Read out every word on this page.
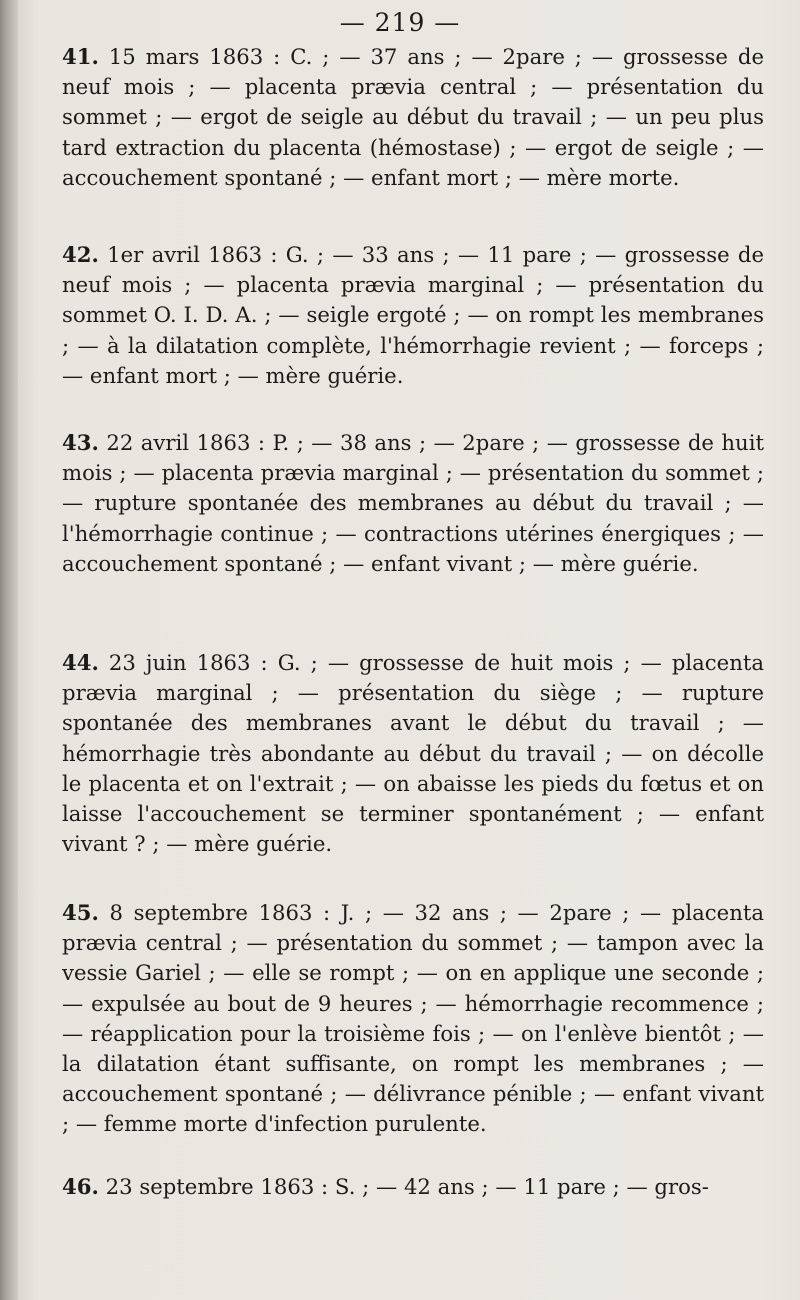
— 219 —

41. 15 mars 1863 : C. ; — 37 ans ; — 2pare ; — grossesse de neuf mois ; — placenta prævia central ; — présentation du sommet ; — ergot de seigle au début du travail ; — un peu plus tard extraction du placenta (hémostase) ; — ergot de seigle ; — accouchement spontané ; — enfant mort ; — mère morte.

42. 1er avril 1863 : G. ; — 33 ans ; — 11 pare ; — grossesse de neuf mois ; — placenta prævia marginal ; — présentation du sommet O. I. D. A. ; — seigle ergoté ; — on rompt les membranes ; — à la dilatation complète, l'hémorrhagie revient ; — forceps ; — enfant mort ; — mère guérie.

43. 22 avril 1863 : P. ; — 38 ans ; — 2pare ; — grossesse de huit mois ; — placenta prævia marginal ; — présentation du sommet ; — rupture spontanée des membranes au début du travail ; — l'hémorrhagie continue ; — contractions utérines énergiques ; — accouchement spontané ; — enfant vivant ; — mère guérie.

44. 23 juin 1863 : G. ; — grossesse de huit mois ; — placenta prævia marginal ; — présentation du siège ; — rupture spontanée des membranes avant le début du travail ; — hémorrhagie très abondante au début du travail ; — on décolle le placenta et on l'extrait ; — on abaisse les pieds du fœtus et on laisse l'accouchement se terminer spontanément ; — enfant vivant ? ; — mère guérie.

45. 8 septembre 1863 : J. ; — 32 ans ; — 2pare ; — placenta prævia central ; — présentation du sommet ; — tampon avec la vessie Gariel ; — elle se rompt ; — on en applique une seconde ; — expulsée au bout de 9 heures ; — hémorrhagie recommence ; — réapplication pour la troisième fois ; — on l'enlève bientôt ; — la dilatation étant suffisante, on rompt les membranes ; — accouchement spontané ; — délivrance pénible ; — enfant vivant ; — femme morte d'infection purulente.

46. 23 septembre 1863 : S. ; — 42 ans ; — 11 pare ; — gros-
